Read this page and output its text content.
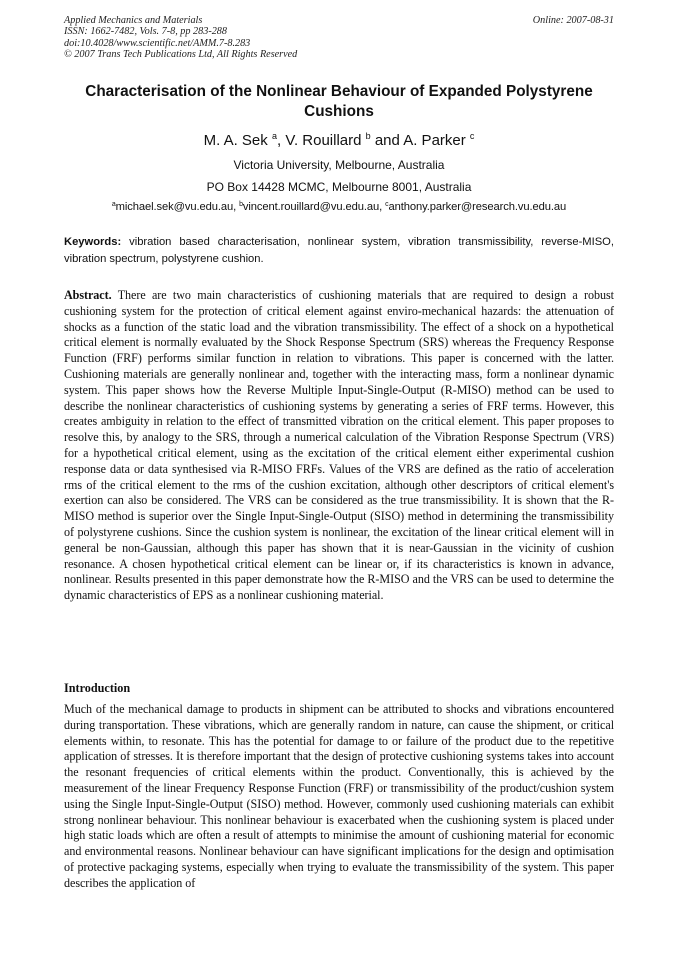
Applied Mechanics and Materials
ISSN: 1662-7482, Vols. 7-8, pp 283-288
doi:10.4028/www.scientific.net/AMM.7-8.283
© 2007 Trans Tech Publications Ltd, All Rights Reserved
Online: 2007-08-31
Characterisation of the Nonlinear Behaviour of Expanded Polystyrene Cushions
M. A. Sek $^a$, V. Rouillard $^b$ and A. Parker $^c$
Victoria University, Melbourne, Australia
PO Box 14428 MCMC, Melbourne 8001, Australia
$^a$michael.sek@vu.edu.au, $^b$vincent.rouillard@vu.edu.au, $^c$anthony.parker@research.vu.edu.au
Keywords: vibration based characterisation, nonlinear system, vibration transmissibility, reverse-MISO, vibration spectrum, polystyrene cushion.
Abstract. There are two main characteristics of cushioning materials that are required to design a robust cushioning system for the protection of critical element against enviro-mechanical hazards: the attenuation of shocks as a function of the static load and the vibration transmissibility. The effect of a shock on a hypothetical critical element is normally evaluated by the Shock Response Spectrum (SRS) whereas the Frequency Response Function (FRF) performs similar function in relation to vibrations. This paper is concerned with the latter. Cushioning materials are generally nonlinear and, together with the interacting mass, form a nonlinear dynamic system. This paper shows how the Reverse Multiple Input-Single-Output (R-MISO) method can be used to describe the nonlinear characteristics of cushioning systems by generating a series of FRF terms. However, this creates ambiguity in relation to the effect of transmitted vibration on the critical element. This paper proposes to resolve this, by analogy to the SRS, through a numerical calculation of the Vibration Response Spectrum (VRS) for a hypothetical critical element, using as the excitation of the critical element either experimental cushion response data or data synthesised via R-MISO FRFs. Values of the VRS are defined as the ratio of acceleration rms of the critical element to the rms of the cushion excitation, although other descriptors of critical element's exertion can also be considered. The VRS can be considered as the true transmissibility. It is shown that the R-MISO method is superior over the Single Input-Single-Output (SISO) method in determining the transmissibility of polystyrene cushions. Since the cushion system is nonlinear, the excitation of the linear critical element will in general be non-Gaussian, although this paper has shown that it is near-Gaussian in the vicinity of cushion resonance. A chosen hypothetical critical element can be linear or, if its characteristics is known in advance, nonlinear. Results presented in this paper demonstrate how the R-MISO and the VRS can be used to determine the dynamic characteristics of EPS as a nonlinear cushioning material.
Introduction
Much of the mechanical damage to products in shipment can be attributed to shocks and vibrations encountered during transportation. These vibrations, which are generally random in nature, can cause the shipment, or critical elements within, to resonate. This has the potential for damage to or failure of the product due to the repetitive application of stresses. It is therefore important that the design of protective cushioning systems takes into account the resonant frequencies of critical elements within the product. Conventionally, this is achieved by the measurement of the linear Frequency Response Function (FRF) or transmissibility of the product/cushion system using the Single Input-Single-Output (SISO) method. However, commonly used cushioning materials can exhibit strong nonlinear behaviour. This nonlinear behaviour is exacerbated when the cushioning system is placed under high static loads which are often a result of attempts to minimise the amount of cushioning material for economic and environmental reasons. Nonlinear behaviour can have significant implications for the design and optimisation of protective packaging systems, especially when trying to evaluate the transmissibility of the system. This paper describes the application of
